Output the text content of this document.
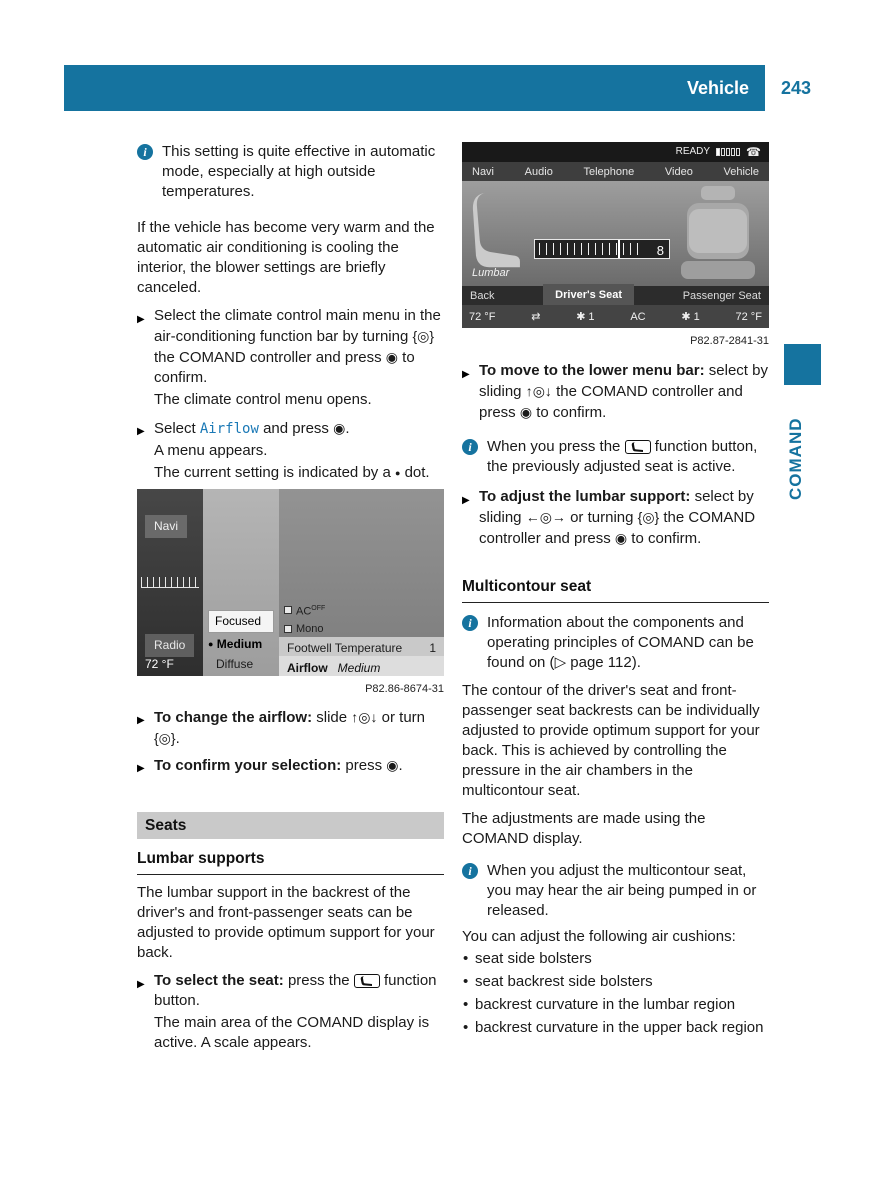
Vehicle 243
COMAND
i	This setting is quite effective in automatic mode, especially at high outside temperatures.

If the vehicle has become very warm and the automatic air conditioning is cooling the interior, the blower settings are briefly canceled.

▶ Select the climate control main menu in the air-conditioning function bar by turning {◎} the COMAND controller and press ◉ to confirm.

The climate control menu opens.

▶ Select Airflow and press ◉.

A menu appears.

The current setting is indicated by a ● dot.

Navi
Focused
Radio	● Medium
Diffuse
72 °F
$AC^{OFF}$
Mono
Footwell Temperature 1
Airflow Medium
P82.86-8674-31
▶ To change the airflow: slide ↑◎↓ or turn {◎}.

▶ To confirm your selection: press ◉.

Seats
Lumbar supports

The lumbar support in the backrest of the driver's and front-passenger seats can be adjusted to provide optimum support for your back.

▶ To select the seat: press the function button.

The main area of the COMAND display is active. A scale appears.

READY	☎
Navi	Audio	Telephone	Video	Vehicle
8
Lumbar
Back	Driver's Seat	Passenger Seat
72 °F	⇄	✱ 1	AC	✱ 1	72 °F
P82.87-2841-31
▶ To move to the lower menu bar: select by sliding ↑◎↓ the COMAND controller and press ◉ to confirm.

i	When you press the function button, the previously adjusted seat is active.

▶ To adjust the lumbar support: select by sliding ←◎→ or turning {◎} the COMAND controller and press ◉ to confirm.

Multicontour seat
i	Information about the components and operating principles of COMAND can be found on (▷ page 112).

The contour of the driver's seat and front-passenger seat backrests can be individually adjusted to provide optimum support for your back. This is achieved by controlling the pressure in the air chambers in the multicontour seat.

The adjustments are made using the COMAND display.

i	When you adjust the multicontour seat, you may hear the air being pumped in or released.

You can adjust the following air cushions:

• seat side bolsters
• seat backrest side bolsters
• backrest curvature in the lumbar region
• backrest curvature in the upper back region
